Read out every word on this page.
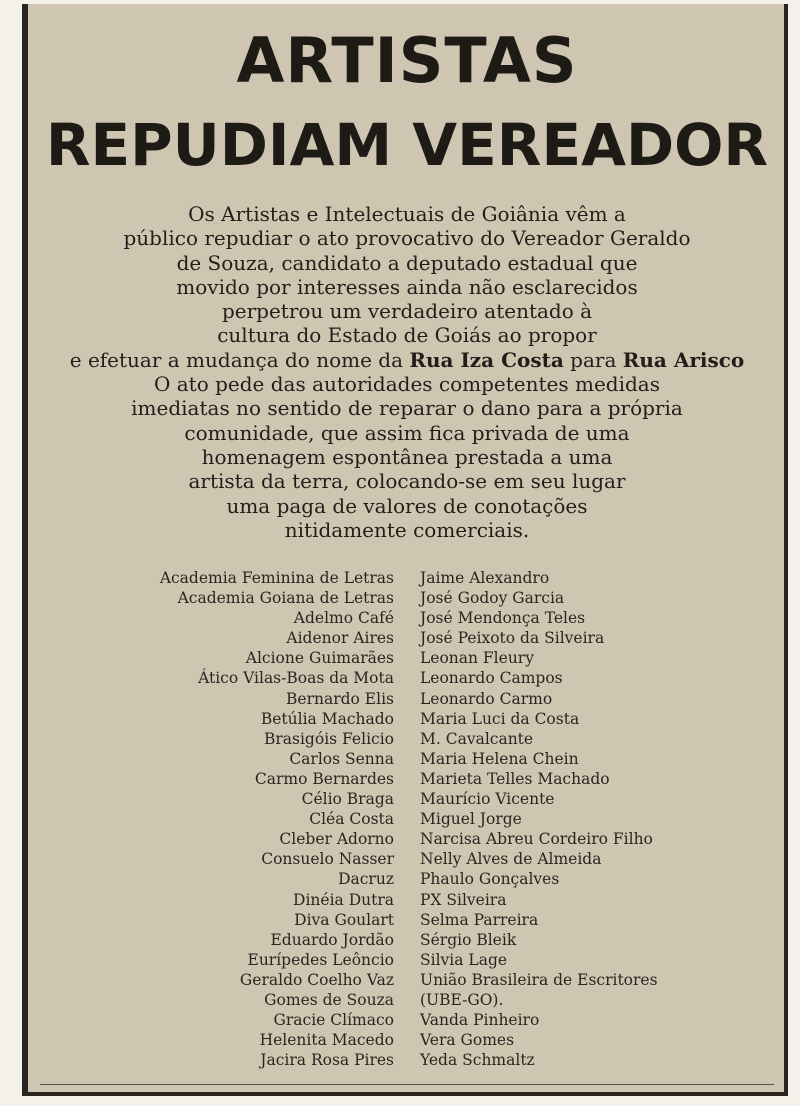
ARTISTAS
REPUDIAM VEREADOR
Os Artistas e Intelectuais de Goiânia vêm a
público repudiar o ato provocativo do Vereador Geraldo
de Souza, candidato a deputado estadual que
movido por interesses ainda não esclarecidos
perpetrou um verdadeiro atentado à
cultura do Estado de Goiás ao propor
e efetuar a mudança do nome da Rua Iza Costa para Rua Arisco
O ato pede das autoridades competentes medidas
imediatas no sentido de reparar o dano para a própria
comunidade, que assim fica privada de uma
homenagem espontânea prestada a uma
artista da terra, colocando-se em seu lugar
uma paga de valores de conotações
nitidamente comerciais.
Academia Feminina de Letras
Academia Goiana de Letras
Adelmo Café
Aidenor Aires
Alcione Guimarães
Ático Vilas-Boas da Mota
Bernardo Elis
Betúlia Machado
Brasigóis Felicio
Carlos Senna
Carmo Bernardes
Célio Braga
Cléa Costa
Cleber Adorno
Consuelo Nasser
Dacruz
Dinéia Dutra
Diva Goulart
Eduardo Jordão
Eurípedes Leôncio
Geraldo Coelho Vaz
Gomes de Souza
Gracie Clímaco
Helenita Macedo
Jacira Rosa Pires
Jaime Alexandro
José Godoy Garcia
José Mendonça Teles
José Peixoto da Silveira
Leonan Fleury
Leonardo Campos
Leonardo Carmo
Maria Luci da Costa
M. Cavalcante
Maria Helena Chein
Marieta Telles Machado
Maurício Vicente
Miguel Jorge
Narcisa Abreu Cordeiro Filho
Nelly Alves de Almeida
Phaulo Gonçalves
PX Silveira
Selma Parreira
Sérgio Bleik
Silvia Lage
União Brasileira de Escritores
(UBE-GO).
Vanda Pinheiro
Vera Gomes
Yeda Schmaltz
